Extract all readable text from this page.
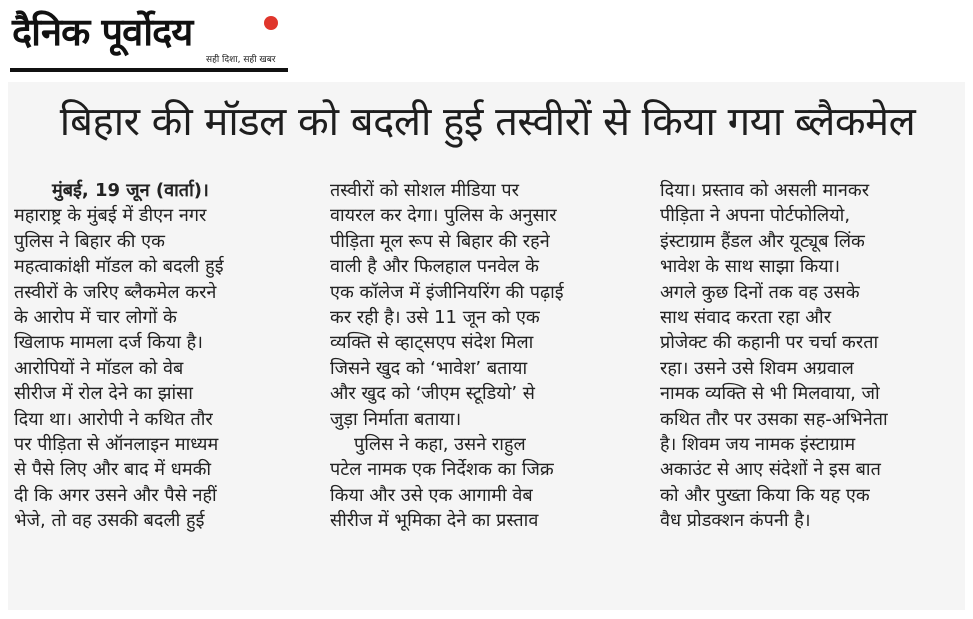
दैनिक पूर्वोदय
सही दिशा, सही खबर
बिहार की मॉडल को बदली हुई तस्वीरों से किया गया ब्लैकमेल
मुंबई, 19 जून (वार्ता)।
महाराष्ट्र के मुंबई में डीएन नगर
पुलिस ने बिहार की एक
महत्वाकांक्षी मॉडल को बदली हुई
तस्वीरों के जरिए ब्लैकमेल करने
के आरोप में चार लोगों के
खिलाफ मामला दर्ज किया है।
आरोपियों ने मॉडल को वेब
सीरीज में रोल देने का झांसा
दिया था। आरोपी ने कथित तौर
पर पीड़िता से ऑनलाइन माध्यम
से पैसे लिए और बाद में धमकी
दी कि अगर उसने और पैसे नहीं
भेजे, तो वह उसकी बदली हुई
तस्वीरों को सोशल मीडिया पर
वायरल कर देगा। पुलिस के अनुसार
पीड़िता मूल रूप से बिहार की रहने
वाली है और फिलहाल पनवेल के
एक कॉलेज में इंजीनियरिंग की पढ़ाई
कर रही है। उसे 11 जून को एक
व्यक्ति से व्हाट्सएप संदेश मिला
जिसने खुद को ‘भावेश’ बताया
और खुद को ‘जीएम स्टूडियो’ से
जुड़ा निर्माता बताया।
पुलिस ने कहा, उसने राहुल
पटेल नामक एक निर्देशक का जिक्र
किया और उसे एक आगामी वेब
सीरीज में भूमिका देने का प्रस्ताव
दिया। प्रस्ताव को असली मानकर
पीड़िता ने अपना पोर्टफोलियो,
इंस्टाग्राम हैंडल और यूट्यूब लिंक
भावेश के साथ साझा किया।
अगले कुछ दिनों तक वह उसके
साथ संवाद करता रहा और
प्रोजेक्ट की कहानी पर चर्चा करता
रहा। उसने उसे शिवम अग्रवाल
नामक व्यक्ति से भी मिलवाया, जो
कथित तौर पर उसका सह-अभिनेता
है। शिवम जय नामक इंस्टाग्राम
अकाउंट से आए संदेशों ने इस बात
को और पुख्ता किया कि यह एक
वैध प्रोडक्शन कंपनी है।
